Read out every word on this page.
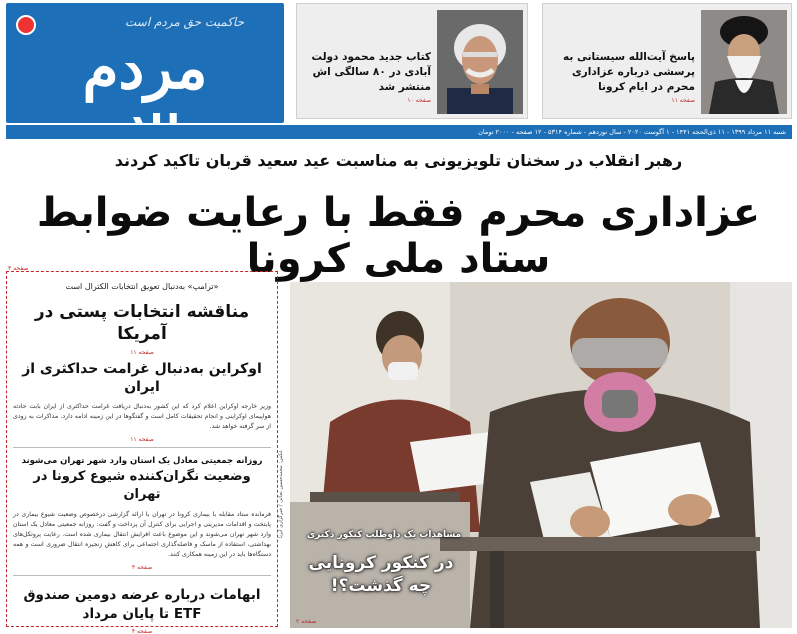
حاکمیت حق مردم است
مردم
شنبه ۱۱ مرداد ۱۳۹۹ - ۱۱ ذی‌الحجه ۱۴۴۱ - ۱ آگوست ۲۰۲۰ - سال نوزدهم - شماره ۵۳۱۴ - ۱۲ صفحه - ۲۰۰۰ تومان
کتاب جدید محمود دولت آبادی در ۸۰ سالگی اش منتشر شد
صفحه ۱۰
پاسخ آیت‌الله سیستانی به پرسشی درباره عزاداری محرم در ایام کرونا
صفحه ۱۱
رهبر انقلاب در سخنان تلویزیونی به مناسبت عید سعید قربان تاکید کردند
عزاداری محرم فقط با رعایت ضوابط ستاد ملی کرونا
صفحه ۳
«ترامپ» به‌دنبال تعویق انتخابات الکترال است
مناقشه انتخابات پستی در آمریکا
صفحه ۱۱
اوکراین به‌دنبال غرامت حداکثری از ایران
وزیر خارجه اوکراین اعلام کرد که این کشور به‌دنبال دریافت غرامت حداکثری از ایران بابت حادثه هواپیمای اوکراینی و انجام تحقیقات کامل است و گفتگوها در این زمینه ادامه دارد. مذاکرات به زودی از سر گرفته خواهد شد.
صفحه ۱۱
روزانه جمعیتی معادل یک استان وارد شهر تهران می‌شوند
وضعیت نگران‌کننده شیوع کرونا در تهران
فرمانده ستاد مقابله با بیماری کرونا در تهران با ارائه گزارشی درخصوص وضعیت شیوع بیماری در پایتخت و اقدامات مدیریتی و اجرایی برای کنترل آن پرداخت و گفت: روزانه جمعیتی معادل یک استان وارد شهر تهران می‌شوند و این موضوع باعث افزایش انتقال بیماری شده است. رعایت پروتکل‌های بهداشتی، استفاده از ماسک و فاصله‌گذاری اجتماعی برای کاهش زنجیره انتقال ضروری است و همه دستگاه‌ها باید در این زمینه همکاری کنند.
صفحه ۳
ابهامات درباره عرضه دومین صندوق ETF تا پایان مرداد
صفحه ۴
عکس: محمدحسین نجاتی / خبرگزاری ایرنا	مشاهدات یک داوطلب کنکور دکتری
در کنکور کرونایی چه گذشت؟!
صفحه ۲
